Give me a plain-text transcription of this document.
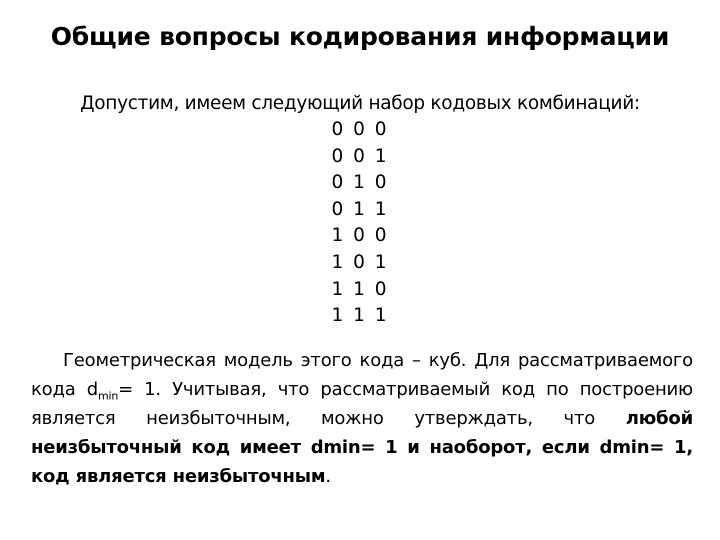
Общие вопросы кодирования информации
Допустим, имеем следующий набор кодовых комбинаций:
0 0 0
0 0 1
0 1 0
0 1 1
1 0 0
1 0 1
1 1 0
1 1 1
Геометрическая модель этого кода – куб. Для рассматриваемого кода $d_{min}= 1$. Учитывая, что рассматриваемый код по построению является неизбыточным, можно утверждать, что любой неизбыточный код имеет dmin= 1 и наоборот, если dmin= 1, код является неизбыточным.
